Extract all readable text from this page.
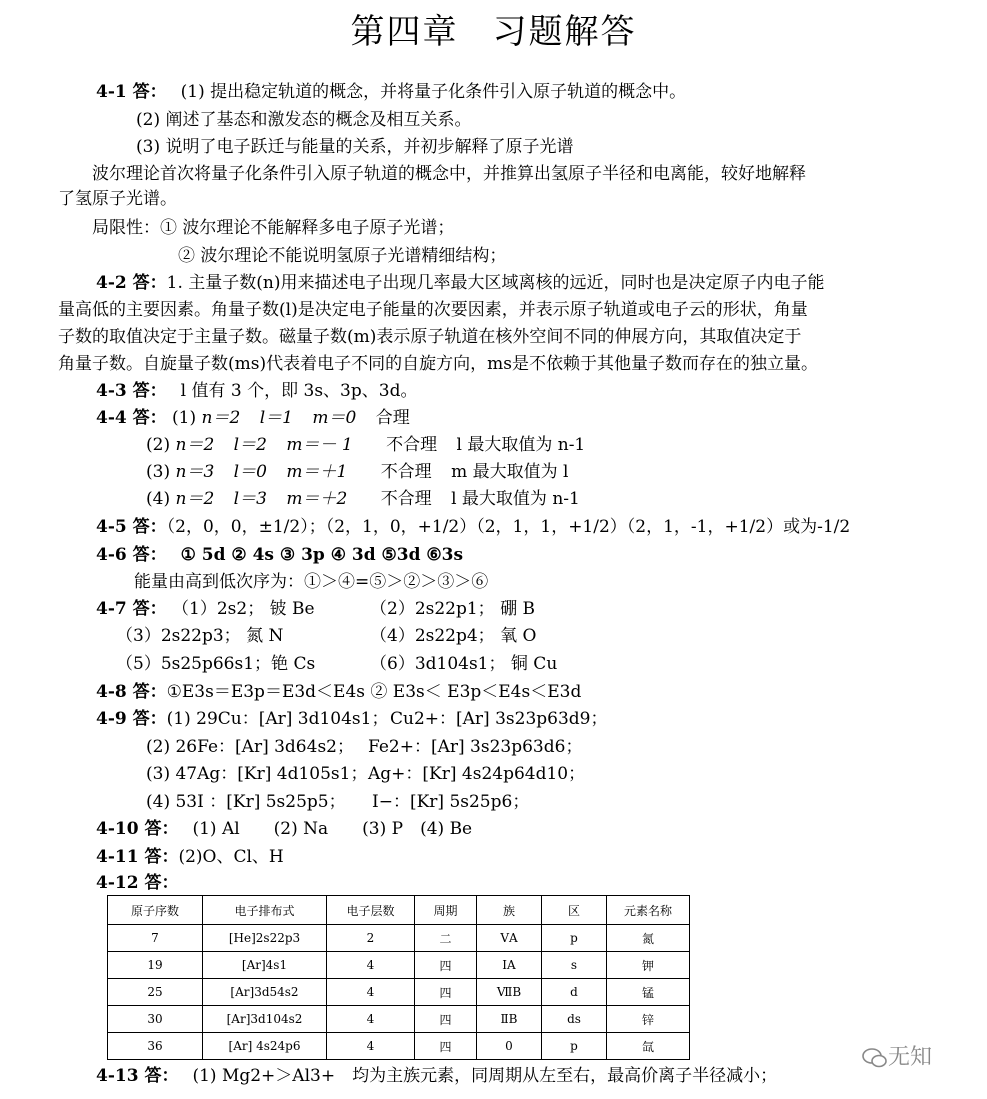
第四章 习题解答
4-1 答： (1) 提出稳定轨道的概念，并将量子化条件引入原子轨道的概念中。
(2) 阐述了基态和激发态的概念及相互关系。
(3) 说明了电子跃迁与能量的关系，并初步解释了原子光谱
波尔理论首次将量子化条件引入原子轨道的概念中，并推算出氢原子半径和电离能，较好地解释
了氢原子光谱。
局限性：① 波尔理论不能解释多电子原子光谱；
② 波尔理论不能说明氢原子光谱精细结构；
4-2 答：1. 主量子数(n)用来描述电子出现几率最大区域离核的远近，同时也是决定原子内电子能
量高低的主要因素。角量子数(l)是决定电子能量的次要因素，并表示原子轨道或电子云的形状，角量
子数的取值决定于主量子数。磁量子数(m)表示原子轨道在核外空间不同的伸展方向，其取值决定于
角量子数。自旋量子数(ms)代表着电子不同的自旋方向，ms是不依赖于其他量子数而存在的独立量。
4-3 答： l 值有 3 个，即 3s、3p、3d。
4-4 答： (1) n＝2 l＝1 m＝0 合理
(2) n＝2 l＝2 m＝－ 1 不合理 l 最大取值为 n-1
(3) n＝3 l＝0 m＝＋1 不合理 m 最大取值为 l
(4) n＝2 l＝3 m＝＋2 不合理 l 最大取值为 n-1
4-5 答：（2，0，0，±1/2）；（2，1，0，+1/2）（2，1，1，+1/2）（2，1，-1，+1/2）或为-1/2
4-6 答： ① 5d ② 4s ③ 3p ④ 3d ⑤3d ⑥3s
能量由高到低次序为：①＞④=⑤＞②＞③＞⑥
4-7 答： （1）2s2； 铍 Be	（2）2s22p1； 硼 B
（3）2s22p3； 氮 N	（4）2s22p4； 氧 O
（5）5s25p66s1；铯 Cs	（6）3d104s1； 铜 Cu
4-8 答：①E3s＝E3p＝E3d＜E4s ② E3s＜ E3p＜E4s＜E3d
4-9 答：(1) 29Cu：[Ar] 3d104s1； Cu2+：[Ar] 3s23p63d9；
(2) 26Fe：[Ar] 3d64s2； Fe2+：[Ar] 3s23p63d6；
(3) 47Ag：[Kr] 4d105s1； Ag+：[Kr] 4s24p64d10；
(4) 53I ：[Kr] 5s25p5； I−：[Kr] 5s25p6；
4-10 答： (1) Al　　(2) Na　　(3) P　(4) Be
4-11 答：(2)O、Cl、H
4-12 答：
原子序数	电子排布式	电子层数	周期	族	区	元素名称
7	[He]2s22p3	2	二	ⅤA	p	氮
19	[Ar]4s1	4	四	ⅠA	s	钾
25	[Ar]3d54s2	4	四	ⅦB	d	锰
30	[Ar]3d104s2	4	四	ⅡB	ds	锌
36	[Ar] 4s24p6	4	四	0	p	氙
4-13 答： (1) Mg2+＞Al3+　均为主族元素，同周期从左至右，最高价离子半径减小；
无知
